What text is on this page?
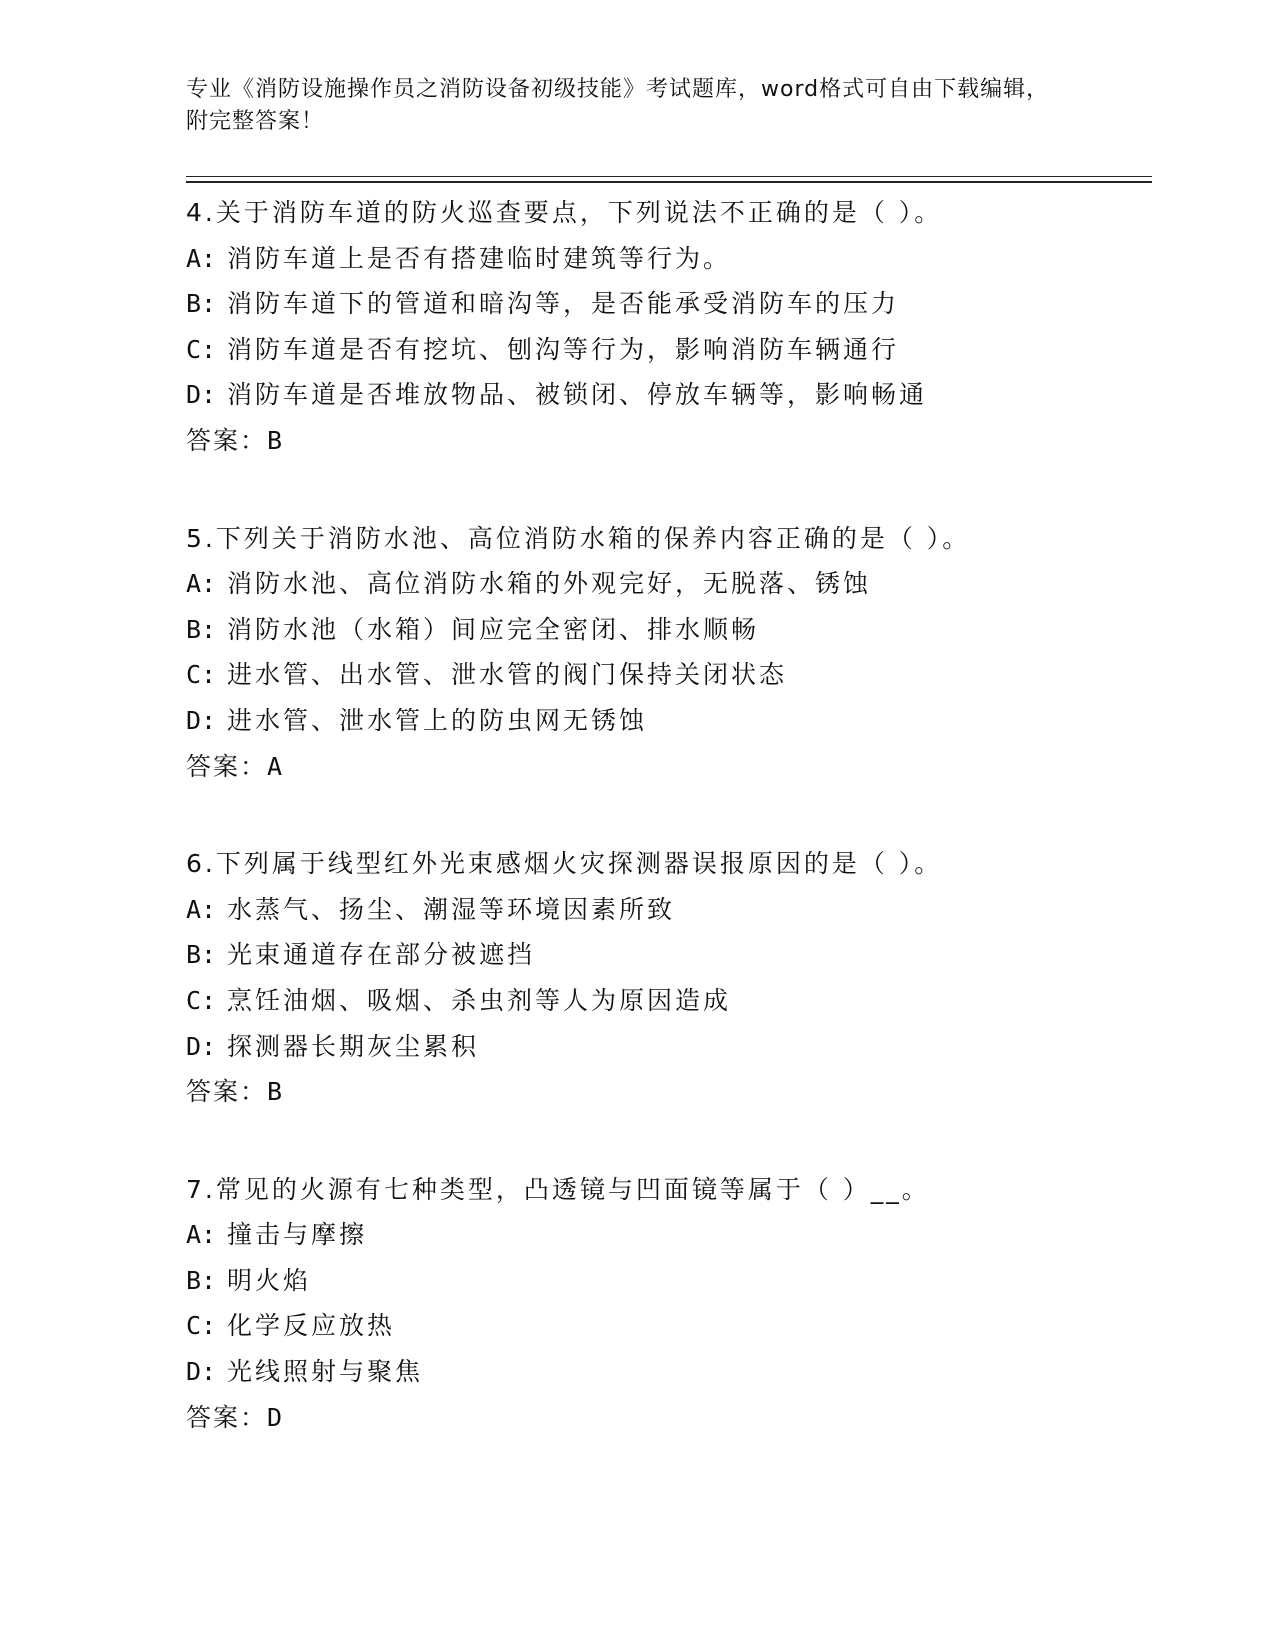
专业《消防设施操作员之消防设备初级技能》考试题库，word格式可自由下载编辑，附完整答案！
4.关于消防车道的防火巡查要点，下列说法不正确的是（ ）。
A: 消防车道上是否有搭建临时建筑等行为。
B: 消防车道下的管道和暗沟等，是否能承受消防车的压力
C: 消防车道是否有挖坑、刨沟等行为，影响消防车辆通行
D: 消防车道是否堆放物品、被锁闭、停放车辆等，影响畅通
答案：B
5.下列关于消防水池、高位消防水箱的保养内容正确的是（ ）。
A: 消防水池、高位消防水箱的外观完好，无脱落、锈蚀
B: 消防水池（水箱）间应完全密闭、排水顺畅
C: 进水管、出水管、泄水管的阀门保持关闭状态
D: 进水管、泄水管上的防虫网无锈蚀
答案：A
6.下列属于线型红外光束感烟火灾探测器误报原因的是（ ）。
A: 水蒸气、扬尘、潮湿等环境因素所致
B: 光束通道存在部分被遮挡
C: 烹饪油烟、吸烟、杀虫剂等人为原因造成
D: 探测器长期灰尘累积
答案：B
7.常见的火源有七种类型，凸透镜与凹面镜等属于（ ）__。
A: 撞击与摩擦
B: 明火焰
C: 化学反应放热
D: 光线照射与聚焦
答案：D
